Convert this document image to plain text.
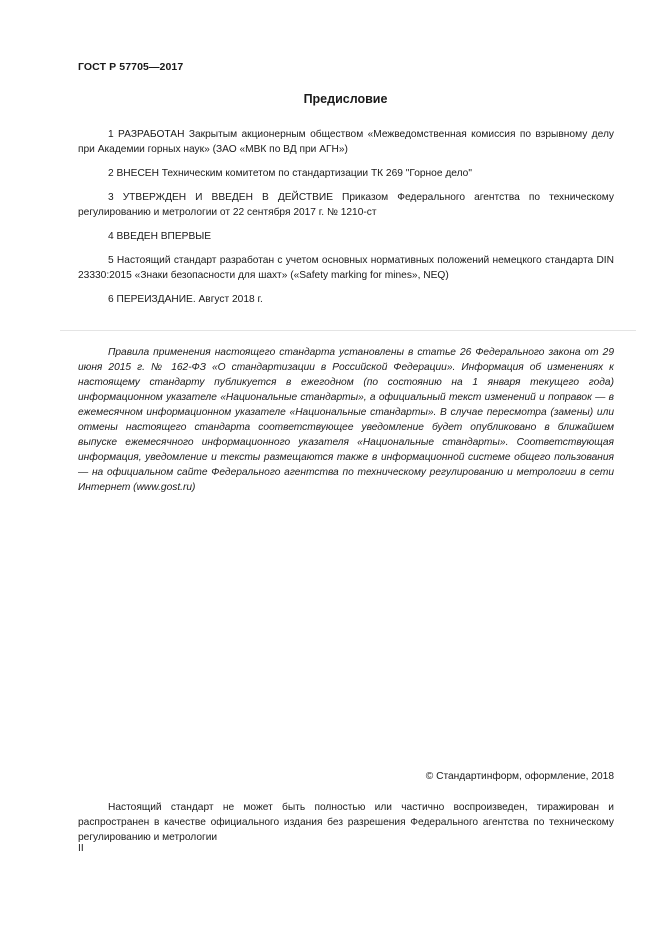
ГОСТ Р 57705—2017
Предисловие

1 РАЗРАБОТАН Закрытым акционерным обществом «Межведомственная комиссия по взрывному делу при Академии горных наук» (ЗАО «МВК по ВД при АГН»)

2 ВНЕСЕН Техническим комитетом по стандартизации ТК 269 "Горное дело"

3 УТВЕРЖДЕН И ВВЕДЕН В ДЕЙСТВИЕ Приказом Федерального агентства по техническому регулированию и метрологии от 22 сентября 2017 г. № 1210-ст

4 ВВЕДЕН ВПЕРВЫЕ

5 Настоящий стандарт разработан с учетом основных нормативных положений немецкого стандарта DIN 23330:2015 «Знаки безопасности для шахт» («Safety marking for mines», NEQ)

6 ПЕРЕИЗДАНИЕ. Август 2018 г.

Правила применения настоящего стандарта установлены в статье 26 Федерального закона от 29 июня 2015 г. № 162-ФЗ «О стандартизации в Российской Федерации». Информация об изменениях к настоящему стандарту публикуется в ежегодном (по состоянию на 1 января текущего года) информационном указателе «Национальные стандарты», а официальный текст изменений и поправок — в ежемесячном информационном указателе «Национальные стандарты». В случае пересмотра (замены) или отмены настоящего стандарта соответствующее уведомление будет опубликовано в ближайшем выпуске ежемесячного информационного указателя «Национальные стандарты». Соответствующая информация, уведомление и тексты размещаются также в информационной системе общего пользования — на официальном сайте Федерального агентства по техническому регулированию и метрологии в сети Интернет (www.gost.ru)
© Стандартинформ, оформление, 2018
Настоящий стандарт не может быть полностью или частично воспроизведен, тиражирован и распространен в качестве официального издания без разрешения Федерального агентства по техническому регулированию и метрологии
II
